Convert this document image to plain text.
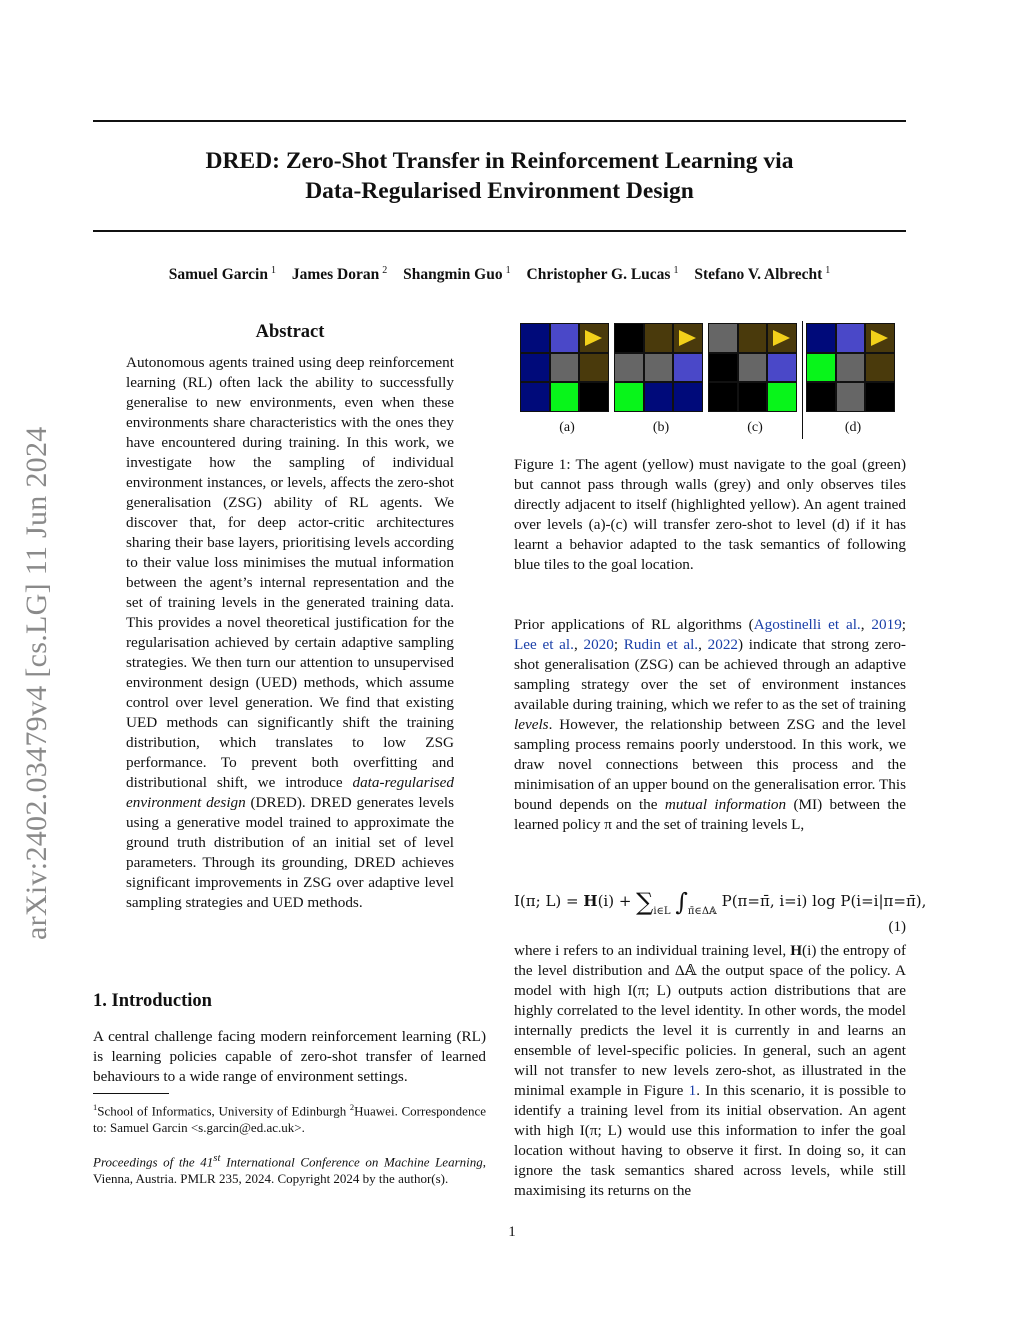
DRED: Zero-Shot Transfer in Reinforcement Learning via
Data-Regularised Environment Design
Samuel Garcin $^1$ James Doran $^2$ Shangmin Guo $^1$ Christopher G. Lucas $^1$ Stefano V. Albrecht $^1$
arXiv:2402.03479v4 [cs.LG] 11 Jun 2024
Abstract
Autonomous agents trained using deep reinforcement learning (RL) often lack the ability to successfully generalise to new environments, even when these environments share characteristics with the ones they have encountered during training. In this work, we investigate how the sampling of individual environment instances, or levels, affects the zero-shot generalisation (ZSG) ability of RL agents. We discover that, for deep actor-critic architectures sharing their base layers, prioritising levels according to their value loss minimises the mutual information between the agent’s internal representation and the set of training levels in the generated training data. This provides a novel theoretical justification for the regularisation achieved by certain adaptive sampling strategies. We then turn our attention to unsupervised environment design (UED) methods, which assume control over level generation. We find that existing UED methods can significantly shift the training distribution, which translates to low ZSG performance. To prevent both overfitting and distributional shift, we introduce data-regularised environment design (DRED). DRED generates levels using a generative model trained to approximate the ground truth distribution of an initial set of level parameters. Through its grounding, DRED achieves significant improvements in ZSG over adaptive level sampling strategies and UED methods.
1. Introduction
A central challenge facing modern reinforcement learning (RL) is learning policies capable of zero-shot transfer of learned behaviours to a wide range of environment settings.
$^1$School of Informatics, University of Edinburgh $^2$Huawei. Correspondence to: Samuel Garcin <s.garcin@ed.ac.uk>.
Proceedings of the 41st International Conference on Machine Learning, Vienna, Austria. PMLR 235, 2024. Copyright 2024 by the author(s).
(a)	(b)	(c)	(d)
Figure 1: The agent (yellow) must navigate to the goal (green) but cannot pass through walls (grey) and only observes tiles directly adjacent to itself (highlighted yellow). An agent trained over levels (a)-(c) will transfer zero-shot to level (d) if it has learnt a behavior adapted to the task semantics of following blue tiles to the goal location.
Prior applications of RL algorithms (Agostinelli et al., 2019; Lee et al., 2020; Rudin et al., 2022) indicate that strong zero-shot generalisation (ZSG) can be achieved through an adaptive sampling strategy over the set of environment instances available during training, which we refer to as the set of training levels. However, the relationship between ZSG and the level sampling process remains poorly understood. In this work, we draw novel connections between this process and the minimisation of an upper bound on the generalisation error. This bound depends on the mutual information (MI) between the learned policy π and the set of training levels L,
I(π; $L) = H(i) + \sum_{i\in L}$ $\int_{\pī\in\Delta 𝔸}$ P(π=π̄, i=i) log P(i=i|π=π̄),
(1)
where i refers to an individual training level, H(i) the entropy of the level distribution and Δ𝔸 the output space of the policy. A model with high I(π; L) outputs action distributions that are highly correlated to the level identity. In other words, the model internally predicts the level it is currently in and learns an ensemble of level-specific policies. In general, such an agent will not transfer to new levels zero-shot, as illustrated in the minimal example in Figure 1. In this scenario, it is possible to identify a training level from its initial observation. An agent with high I(π; L) would use this information to infer the goal location without having to observe it first. In doing so, it can ignore the task semantics shared across levels, while still maximising its returns on the
1
